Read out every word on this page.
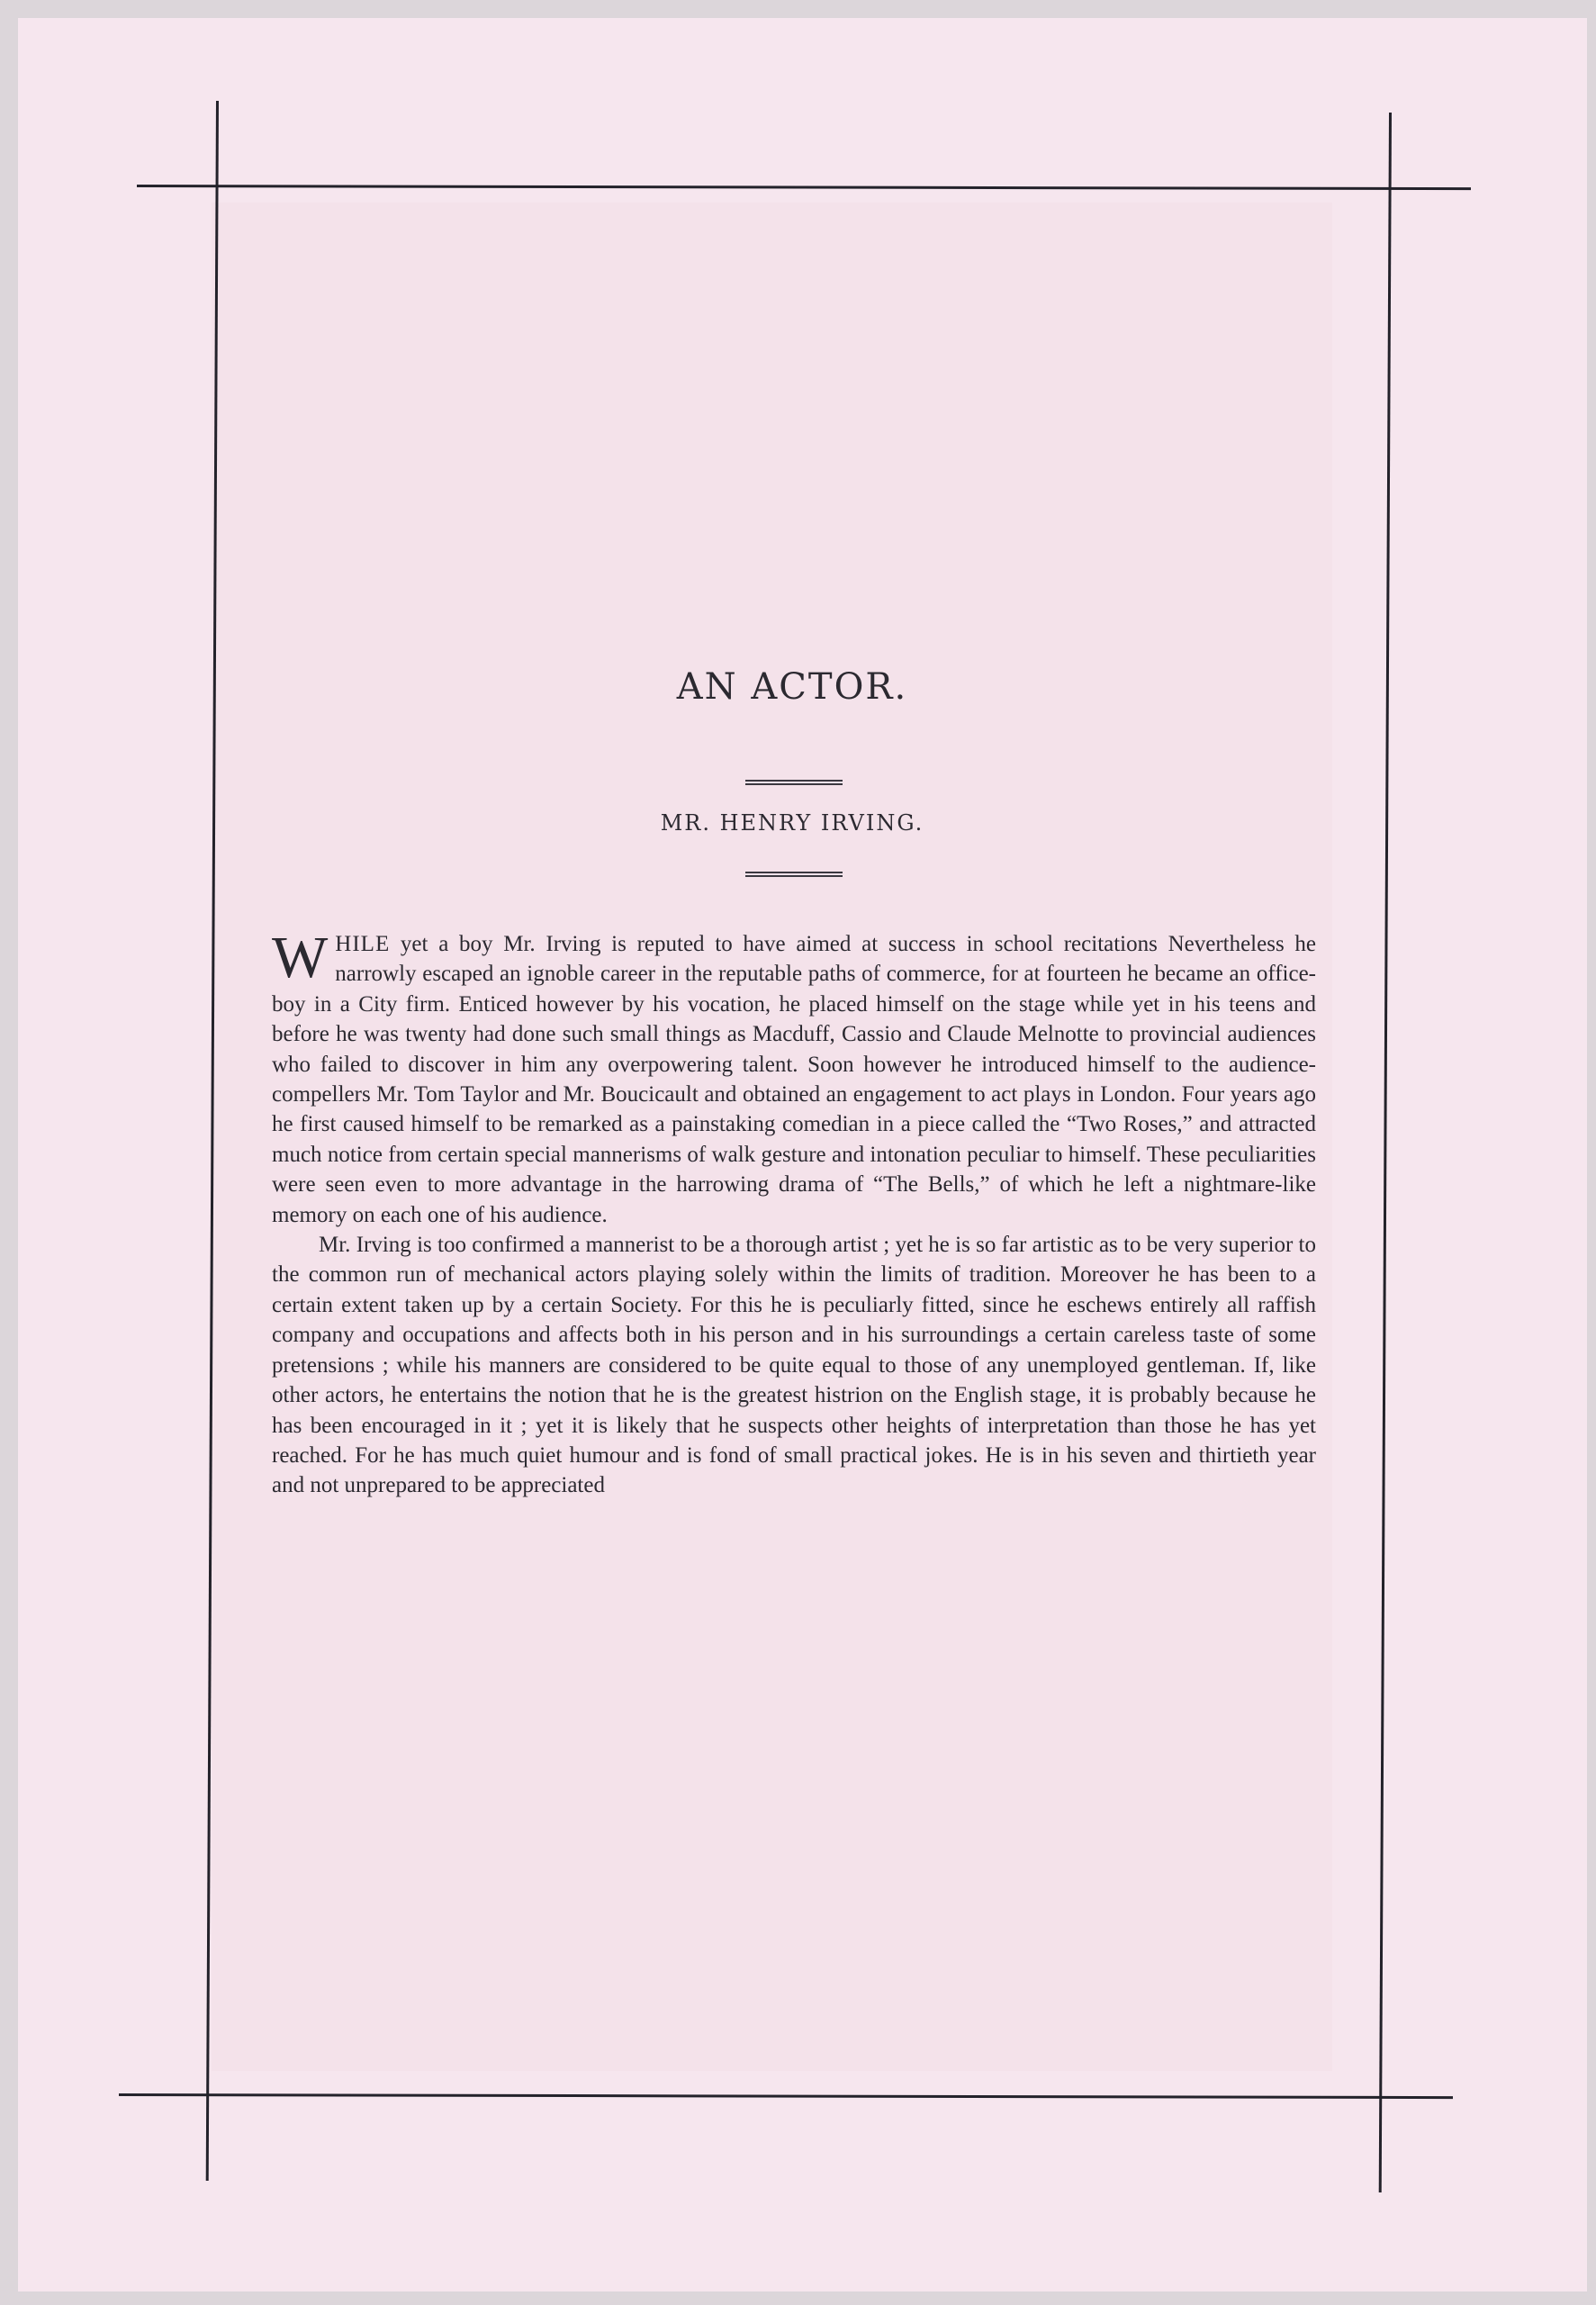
AN ACTOR.
MR. HENRY IRVING.

WHILE yet a boy Mr. Irving is reputed to have aimed at success in school recitations Nevertheless he narrowly escaped an ignoble career in the reputable paths of commerce, for at fourteen he became an office-boy in a City firm. Enticed however by his vocation, he placed himself on the stage while yet in his teens and before he was twenty had done such small things as Macduff, Cassio and Claude Melnotte to provincial audiences who failed to discover in him any overpowering talent. Soon however he introduced himself to the audience-compellers Mr. Tom Taylor and Mr. Boucicault and obtained an engagement to act plays in London. Four years ago he first caused himself to be remarked as a painstaking comedian in a piece called the “Two Roses,” and attracted much notice from certain special mannerisms of walk gesture and intonation peculiar to himself. These peculiarities were seen even to more advantage in the harrowing drama of “The Bells,” of which he left a nightmare-like memory on each one of his audience.

Mr. Irving is too confirmed a mannerist to be a thorough artist ; yet he is so far artistic as to be very superior to the common run of mechanical actors playing solely within the limits of tradition. Moreover he has been to a certain extent taken up by a certain Society. For this he is peculiarly fitted, since he eschews entirely all raffish company and occupations and affects both in his person and in his surroundings a certain careless taste of some pretensions ; while his manners are considered to be quite equal to those of any unemployed gentleman. If, like other actors, he entertains the notion that he is the greatest histrion on the English stage, it is probably because he has been encouraged in it ; yet it is likely that he suspects other heights of interpretation than those he has yet reached. For he has much quiet humour and is fond of small practical jokes. He is in his seven and thirtieth year and not unprepared to be appreciated
